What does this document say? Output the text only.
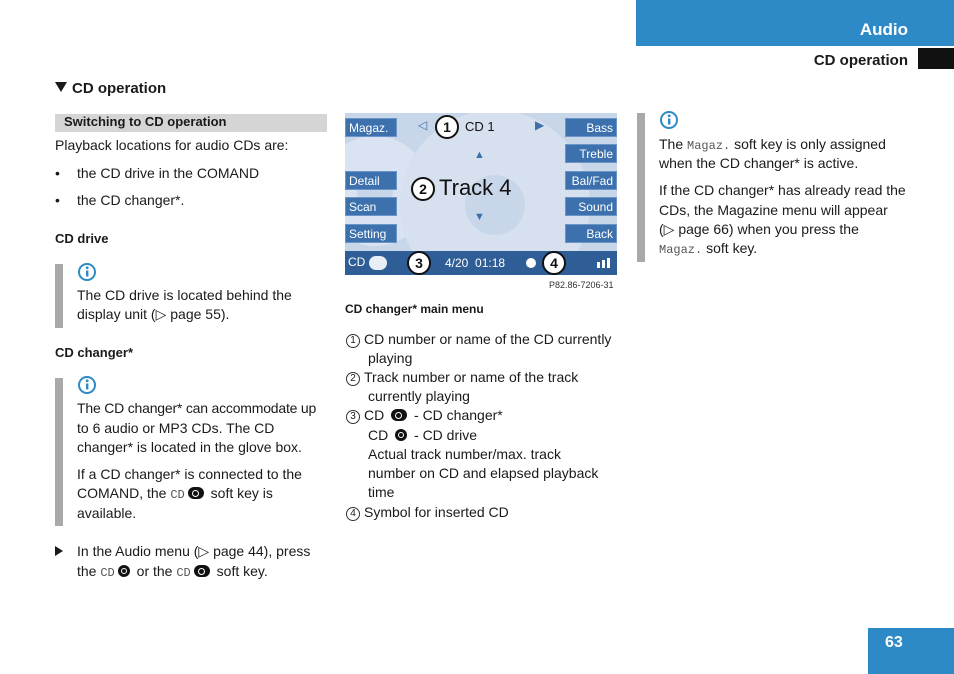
Audio
CD operation
CD operation
Switching to CD operation
Playback locations for audio CDs are:
• the CD drive in the COMAND
• the CD changer*.
CD drive
The CD drive is located behind the
display unit (▷ page 55).
CD changer*
The CD changer* can accommodate up
to 6 audio or MP3 CDs. The CD
changer* is located in the glove box.
If a CD changer* is connected to the
COMAND, the CD soft key is
available.
In the Audio menu (▷ page 44), press
the CD or the CD soft key.
Magaz.
Detail
Scan
Setting
Bass
Treble
Bal/Fad
Sound
Back
◁	▶
1	CD 1
▲
2 Track 4
▼
CD	3	4/20  01:18	4
P82.86-7206-31
CD changer* main menu
1 CD number or name of the CD currently
playing
2 Track number or name of the track
currently playing
3 CD - CD changer*
CD - CD drive
Actual track number/max. track
number on CD and elapsed playback
time
4 Symbol for inserted CD
The Magaz. soft key is only assigned
when the CD changer* is active.
If the CD changer* has already read the
CDs, the Magazine menu will appear
(▷ page 66) when you press the
Magaz. soft key.
63
